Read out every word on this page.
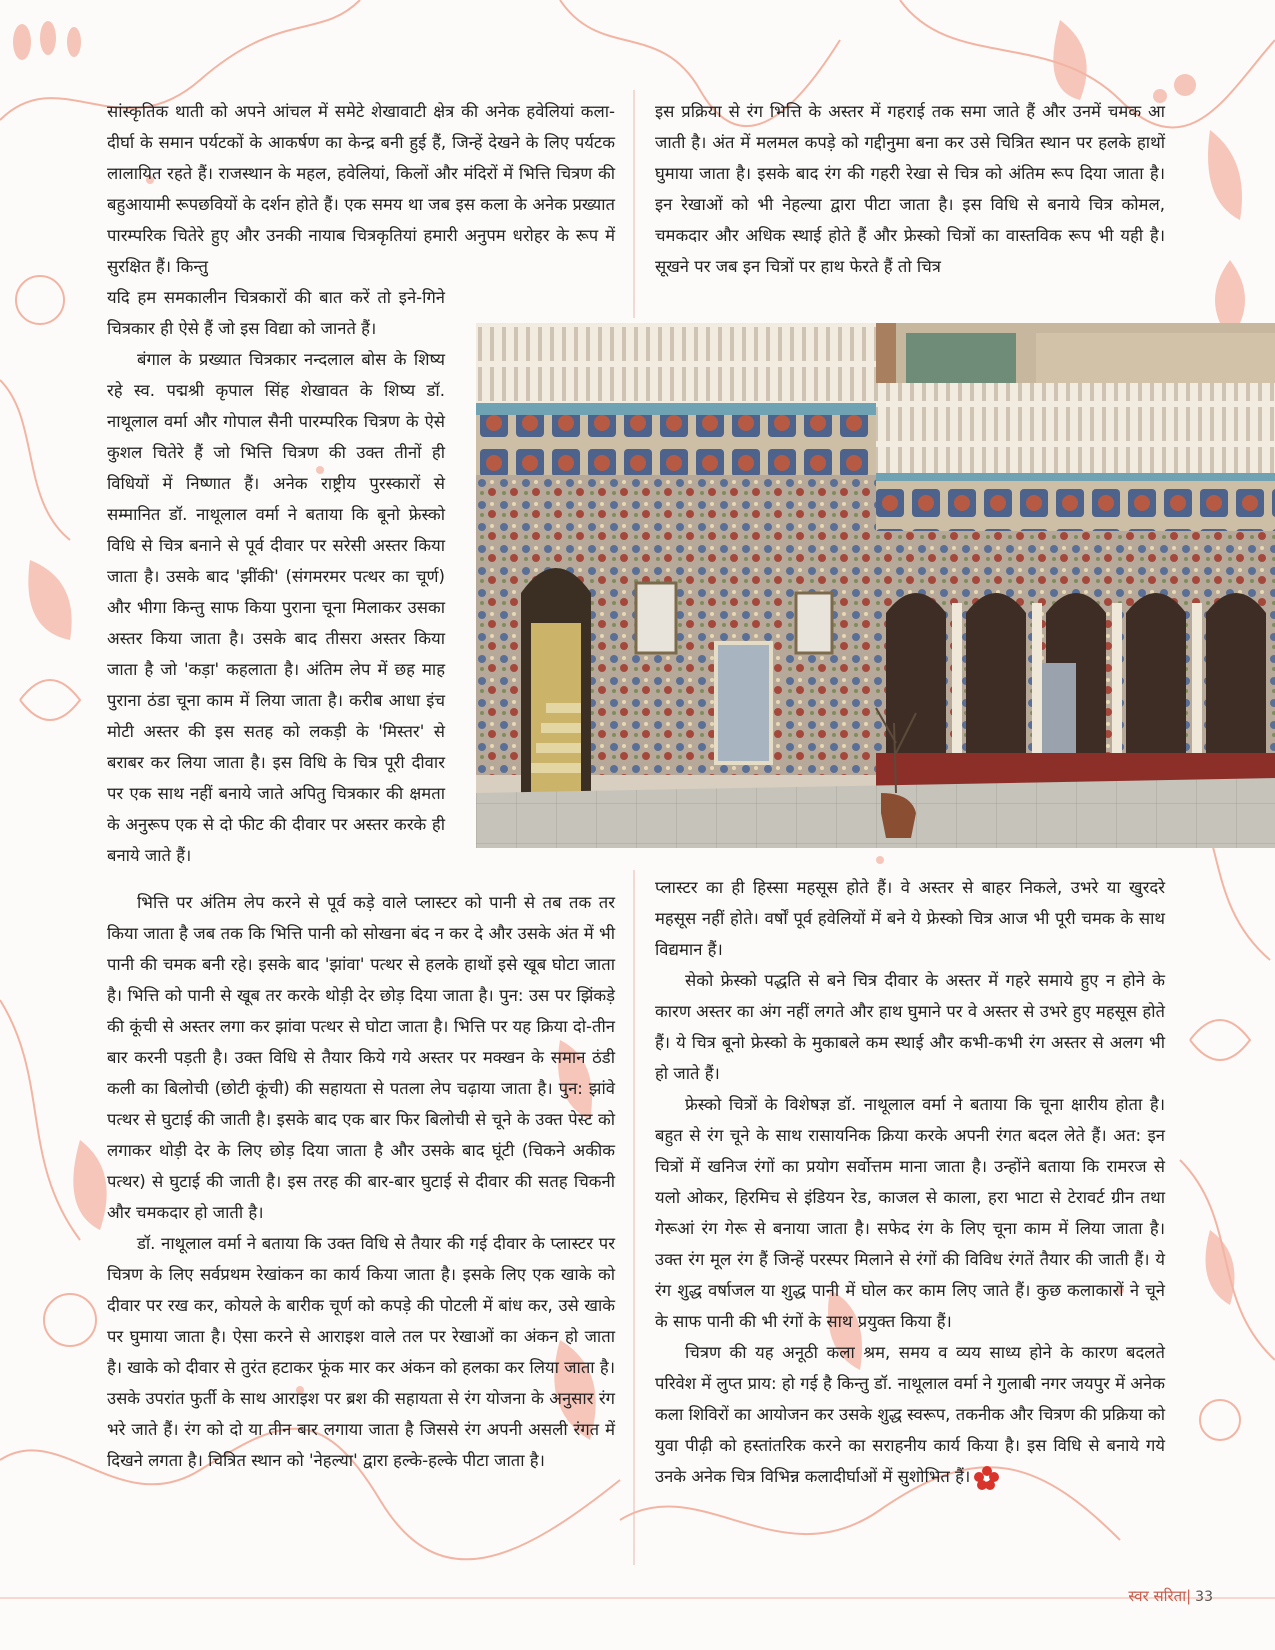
सांस्कृतिक थाती को अपने आंचल में समेटे शेखावाटी क्षेत्र की अनेक हवेलियां कला-दीर्घा के समान पर्यटकों के आकर्षण का केन्द्र बनी हुई हैं, जिन्हें देखने के लिए पर्यटक लालायित रहते हैं। राजस्थान के महल, हवेलियां, किलों और मंदिरों में भित्ति चित्रण की बहुआयामी रूपछवियों के दर्शन होते हैं। एक समय था जब इस कला के अनेक प्रख्यात पारम्परिक चितेरे हुए और उनकी नायाब चित्रकृतियां हमारी अनुपम धरोहर के रूप में सुरक्षित हैं। किन्तु

यदि हम समकालीन चित्रकारों की बात करें तो इने-गिने चित्रकार ही ऐसे हैं जो इस विद्या को जानते हैं।

बंगाल के प्रख्यात चित्रकार नन्दलाल बोस के शिष्य रहे स्व. पद्मश्री कृपाल सिंह शेखावत के शिष्य डॉ. नाथूलाल वर्मा और गोपाल सैनी पारम्परिक चित्रण के ऐसे कुशल चितेरे हैं जो भित्ति चित्रण की उक्त तीनों ही विधियों में निष्णात हैं। अनेक राष्ट्रीय पुरस्कारों से सम्मानित डॉ. नाथूलाल वर्मा ने बताया कि बूनो फ्रेस्को विधि से चित्र बनाने से पूर्व दीवार पर सरेसी अस्तर किया जाता है। उसके बाद 'झींकी' (संगमरमर पत्थर का चूर्ण) और भीगा किन्तु साफ किया पुराना चूना मिलाकर उसका अस्तर किया जाता है। उसके बाद तीसरा अस्तर किया जाता है जो 'कड़ा' कहलाता है। अंतिम लेप में छह माह पुराना ठंडा चूना काम में लिया जाता है। करीब आधा इंच मोटी अस्तर की इस सतह को लकड़ी के 'मिस्तर' से बराबर कर लिया जाता है। इस विधि के चित्र पूरी दीवार पर एक साथ नहीं बनाये जाते अपितु चित्रकार की क्षमता के अनुरूप एक से दो फीट की दीवार पर अस्तर करके ही बनाये जाते हैं।

भित्ति पर अंतिम लेप करने से पूर्व कड़े वाले प्लास्टर को पानी से तब तक तर किया जाता है जब तक कि भित्ति पानी को सोखना बंद न कर दे और उसके अंत में भी पानी की चमक बनी रहे। इसके बाद 'झांवा' पत्थर से हलके हाथों इसे खूब घोटा जाता है। भित्ति को पानी से खूब तर करके थोड़ी देर छोड़ दिया जाता है। पुन: उस पर झिंकड़े की कूंची से अस्तर लगा कर झांवा पत्थर से घोटा जाता है। भित्ति पर यह क्रिया दो-तीन बार करनी पड़ती है। उक्त विधि से तैयार किये गये अस्तर पर मक्खन के समान ठंडी कली का बिलोची (छोटी कूंची) की सहायता से पतला लेप चढ़ाया जाता है। पुन: झांवे पत्थर से घुटाई की जाती है। इसके बाद एक बार फिर बिलोची से चूने के उक्त पेस्ट को लगाकर थोड़ी देर के लिए छोड़ दिया जाता है और उसके बाद घूंटी (चिकने अकीक पत्थर) से घुटाई की जाती है। इस तरह की बार-बार घुटाई से दीवार की सतह चिकनी और चमकदार हो जाती है।

डॉ. नाथूलाल वर्मा ने बताया कि उक्त विधि से तैयार की गई दीवार के प्लास्टर पर चित्रण के लिए सर्वप्रथम रेखांकन का कार्य किया जाता है। इसके लिए एक खाके को दीवार पर रख कर, कोयले के बारीक चूर्ण को कपड़े की पोटली में बांध कर, उसे खाके पर घुमाया जाता है। ऐसा करने से आराइश वाले तल पर रेखाओं का अंकन हो जाता है। खाके को दीवार से तुरंत हटाकर फूंक मार कर अंकन को हलका कर लिया जाता है। उसके उपरांत फुर्ती के साथ आराइश पर ब्रश की सहायता से रंग योजना के अनुसार रंग भरे जाते हैं। रंग को दो या तीन बार लगाया जाता है जिससे रंग अपनी असली रंगत में दिखने लगता है। चित्रित स्थान को 'नेहल्या' द्वारा हल्के-हल्के पीटा जाता है।

इस प्रक्रिया से रंग भित्ति के अस्तर में गहराई तक समा जाते हैं और उनमें चमक आ जाती है। अंत में मलमल कपड़े को गद्दीनुमा बना कर उसे चित्रित स्थान पर हलके हाथों घुमाया जाता है। इसके बाद रंग की गहरी रेखा से चित्र को अंतिम रूप दिया जाता है। इन रेखाओं को भी नेहल्या द्वारा पीटा जाता है। इस विधि से बनाये चित्र कोमल, चमकदार और अधिक स्थाई होते हैं और फ्रेस्को चित्रों का वास्तविक रूप भी यही है। सूखने पर जब इन चित्रों पर हाथ फेरते हैं तो चित्र

प्लास्टर का ही हिस्सा महसूस होते हैं। वे अस्तर से बाहर निकले, उभरे या खुरदरे महसूस नहीं होते। वर्षों पूर्व हवेलियों में बने ये फ्रेस्को चित्र आज भी पूरी चमक के साथ विद्यमान हैं।

सेको फ्रेस्को पद्धति से बने चित्र दीवार के अस्तर में गहरे समाये हुए न होने के कारण अस्तर का अंग नहीं लगते और हाथ घुमाने पर वे अस्तर से उभरे हुए महसूस होते हैं। ये चित्र बूनो फ्रेस्को के मुकाबले कम स्थाई और कभी-कभी रंग अस्तर से अलग भी हो जाते हैं।

फ्रेस्को चित्रों के विशेषज्ञ डॉ. नाथूलाल वर्मा ने बताया कि चूना क्षारीय होता है। बहुत से रंग चूने के साथ रासायनिक क्रिया करके अपनी रंगत बदल लेते हैं। अत: इन चित्रों में खनिज रंगों का प्रयोग सर्वोत्तम माना जाता है। उन्होंने बताया कि रामरज से यलो ओकर, हिरमिच से इंडियन रेड, काजल से काला, हरा भाटा से टेरावर्ट ग्रीन तथा गेरूआं रंग गेरू से बनाया जाता है। सफेद रंग के लिए चूना काम में लिया जाता है। उक्त रंग मूल रंग हैं जिन्हें परस्पर मिलाने से रंगों की विविध रंगतें तैयार की जाती हैं। ये रंग शुद्ध वर्षाजल या शुद्ध पानी में घोल कर काम लिए जाते हैं। कुछ कलाकारों ने चूने के साफ पानी की भी रंगों के साथ प्रयुक्त किया हैं।

चित्रण की यह अनूठी कला श्रम, समय व व्यय साध्य होने के कारण बदलते परिवेश में लुप्त प्राय: हो गई है किन्तु डॉ. नाथूलाल वर्मा ने गुलाबी नगर जयपुर में अनेक कला शिविरों का आयोजन कर उसके शुद्ध स्वरूप, तकनीक और चित्रण की प्रक्रिया को युवा पीढ़ी को हस्तांतरिक करने का सराहनीय कार्य किया है। इस विधि से बनाये गये उनके अनेक चित्र विभिन्न कलादीर्घाओं में सुशोभित हैं।

स्वर सरिता| 33
